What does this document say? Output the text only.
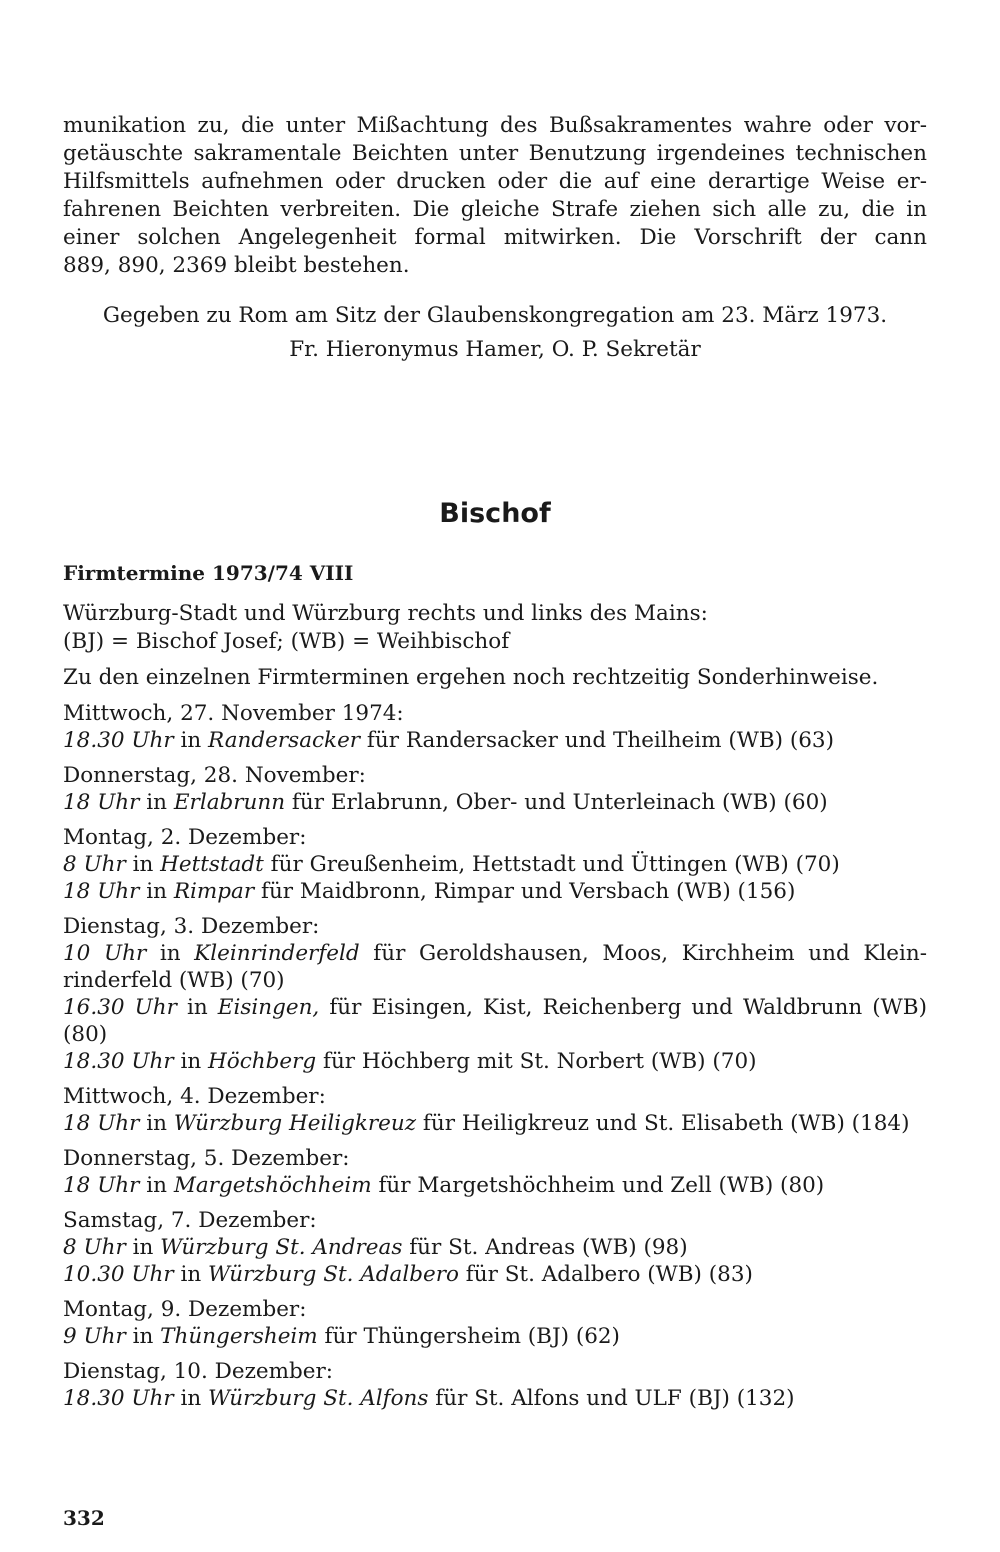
munikation zu, die unter Mißachtung des Bußsakramentes wahre oder vor-
getäuschte sakramentale Beichten unter Benutzung irgendeines technischen
Hilfsmittels aufnehmen oder drucken oder die auf eine derartige Weise er-
fahrenen Beichten verbreiten. Die gleiche Strafe ziehen sich alle zu, die in
einer solchen Angelegenheit formal mitwirken. Die Vorschrift der cann
889, 890, 2369 bleibt bestehen.
Gegeben zu Rom am Sitz der Glaubenskongregation am 23. März 1973.
Fr. Hieronymus Hamer, O. P. Sekretär
Bischof
Firmtermine 1973/74 VIII
Würzburg-Stadt und Würzburg rechts und links des Mains:
(BJ) = Bischof Josef; (WB) = Weihbischof
Zu den einzelnen Firmterminen ergehen noch rechtzeitig Sonderhinweise.
Mittwoch, 27. November 1974:
18.30 Uhr in Randersacker für Randersacker und Theilheim (WB) (63)
Donnerstag, 28. November:
18 Uhr in Erlabrunn für Erlabrunn, Ober- und Unterleinach (WB) (60)
Montag, 2. Dezember:
8 Uhr in Hettstadt für Greußenheim, Hettstadt und Üttingen (WB) (70)
18 Uhr in Rimpar für Maidbronn, Rimpar und Versbach (WB) (156)
Dienstag, 3. Dezember:
10 Uhr in Kleinrinderfeld für Geroldshausen, Moos, Kirchheim und Klein-
rinderfeld (WB) (70)
16.30 Uhr in Eisingen, für Eisingen, Kist, Reichenberg und Waldbrunn (WB)
(80)
18.30 Uhr in Höchberg für Höchberg mit St. Norbert (WB) (70)
Mittwoch, 4. Dezember:
18 Uhr in Würzburg Heiligkreuz für Heiligkreuz und St. Elisabeth (WB) (184)
Donnerstag, 5. Dezember:
18 Uhr in Margetshöchheim für Margetshöchheim und Zell (WB) (80)
Samstag, 7. Dezember:
8 Uhr in Würzburg St. Andreas für St. Andreas (WB) (98)
10.30 Uhr in Würzburg St. Adalbero für St. Adalbero (WB) (83)
Montag, 9. Dezember:
9 Uhr in Thüngersheim für Thüngersheim (BJ) (62)
Dienstag, 10. Dezember:
18.30 Uhr in Würzburg St. Alfons für St. Alfons und ULF (BJ) (132)
332
